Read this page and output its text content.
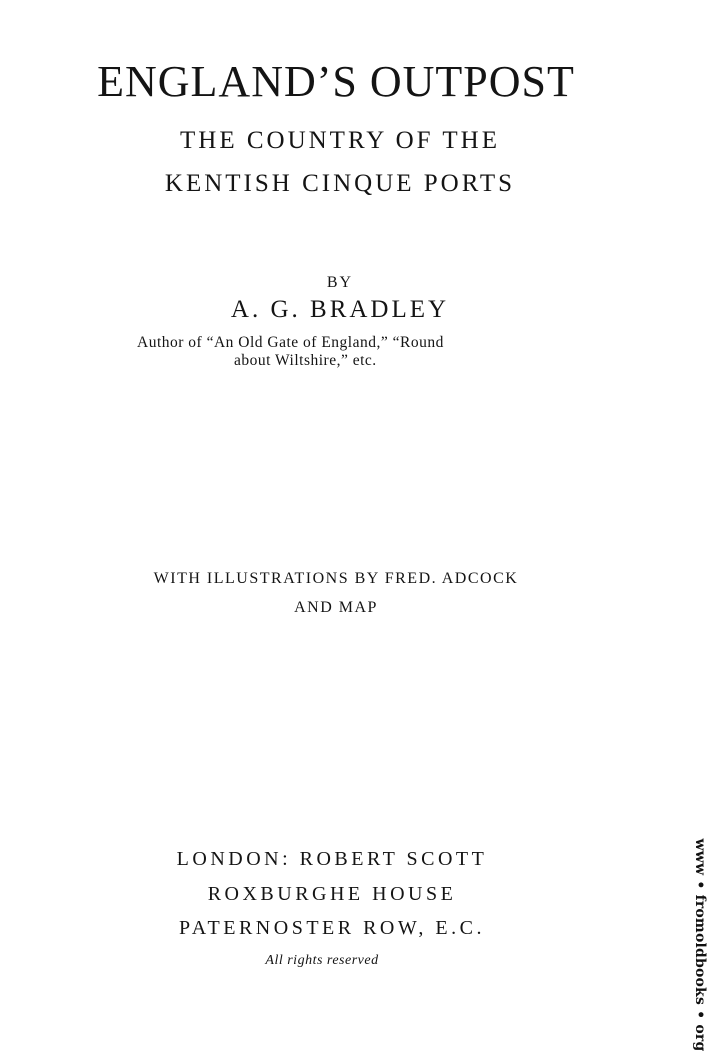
ENGLAND’S OUTPOST
THE COUNTRY OF THE
KENTISH CINQUE PORTS
BY
A. G. BRADLEY
Author of “An Old Gate of England,” “Round
about Wiltshire,” etc.
WITH ILLUSTRATIONS BY FRED. ADCOCK
AND MAP
LONDON: ROBERT SCOTT
ROXBURGHE HOUSE
PATERNOSTER ROW, E.C.
All rights reserved	www • fromoldbooks • org
